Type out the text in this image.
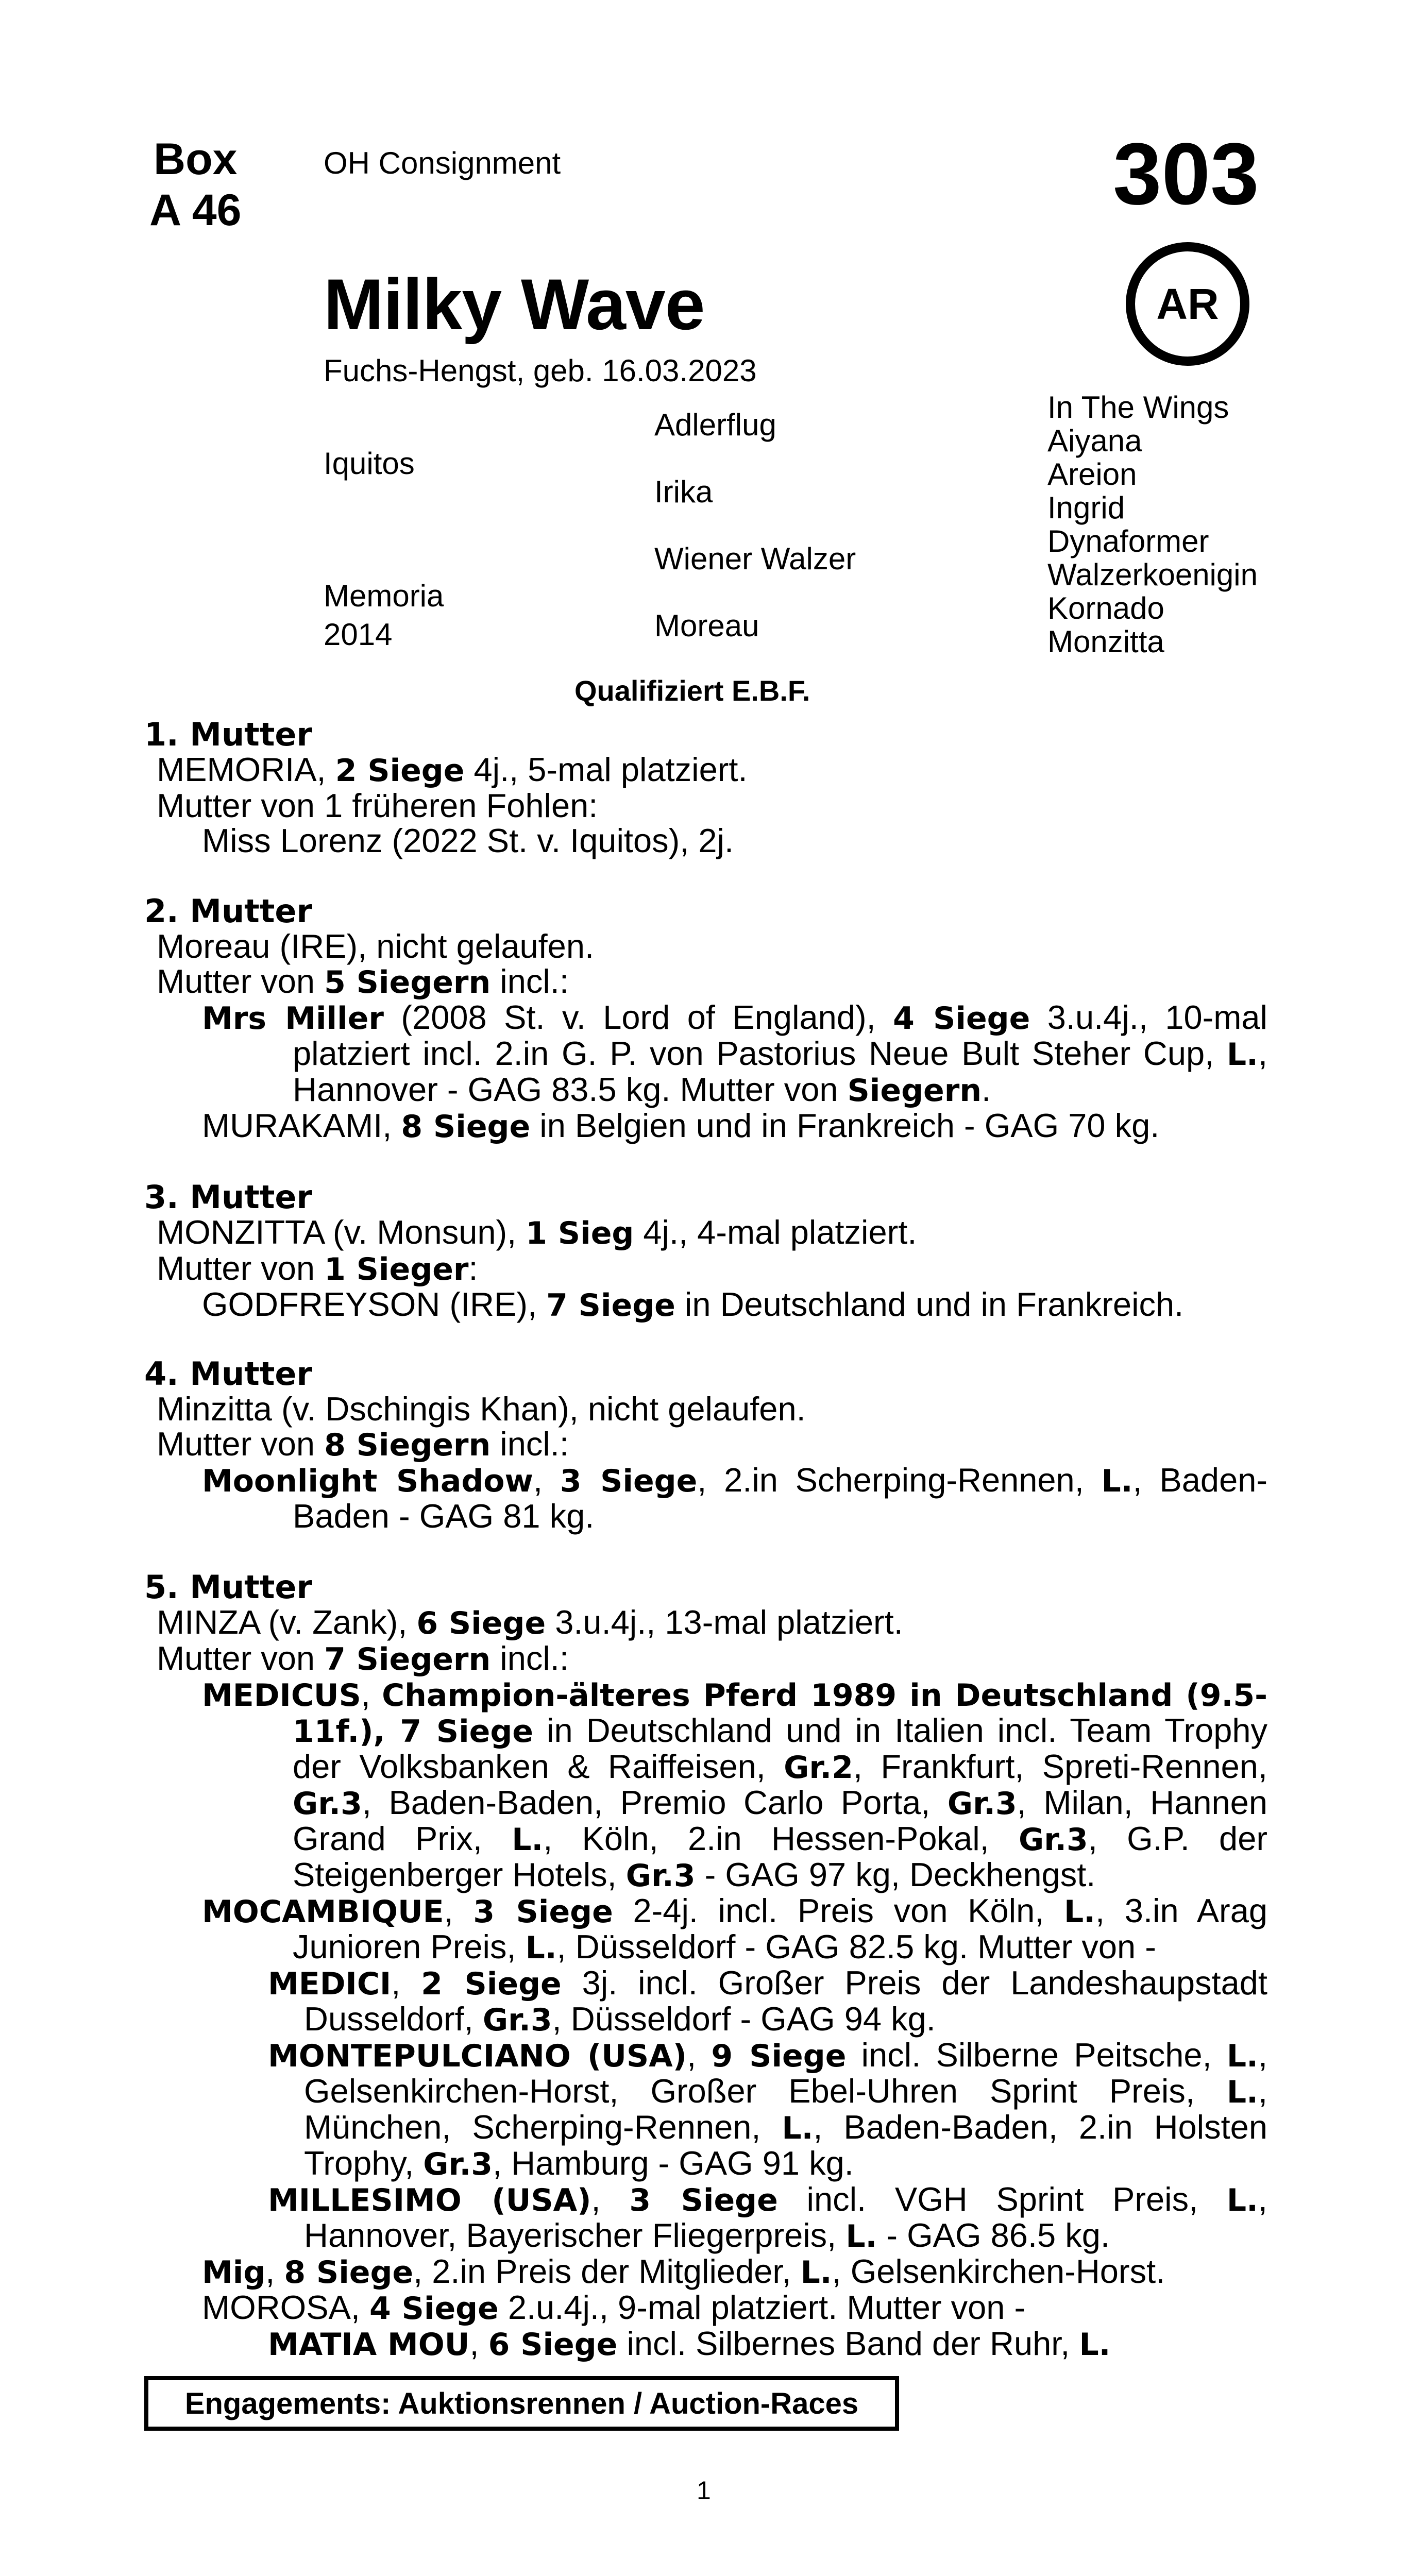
Box
A 46
OH Consignment	303
AR
Milky Wave
Fuchs-Hengst, geb. 16.03.2023
Iquitos
Memoria
2014
Adlerflug
Irika
Wiener Walzer
Moreau
In The Wings
Aiyana
Areion
Ingrid
Dynaformer
Walzerkoenigin
Kornado
Monzitta
Qualifiziert E.B.F.

1. Mutter

MEMORIA, 2 Siege 4j., 5-mal platziert.

Mutter von 1 früheren Fohlen:

Miss Lorenz (2022 St. v. Iquitos), 2j.

2. Mutter

Moreau (IRE), nicht gelaufen.

Mutter von 5 Siegern incl.:

Mrs Miller (2008 St. v. Lord of England), 4 Siege 3.u.4j., 10-mal platziert incl. 2.in G. P. von Pastorius Neue Bult Steher Cup, L., Hannover - GAG 83.5 kg. Mutter von Siegern.

MURAKAMI, 8 Siege in Belgien und in Frankreich - GAG 70 kg.

3. Mutter

MONZITTA (v. Monsun), 1 Sieg 4j., 4-mal platziert.

Mutter von 1 Sieger:

GODFREYSON (IRE), 7 Siege in Deutschland und in Frankreich.

4. Mutter

Minzitta (v. Dschingis Khan), nicht gelaufen.

Mutter von 8 Siegern incl.:

Moonlight Shadow, 3 Siege, 2.in Scherping-Rennen, L., Baden-Baden - GAG 81 kg.

5. Mutter

MINZA (v. Zank), 6 Siege 3.u.4j., 13-mal platziert.

Mutter von 7 Siegern incl.:

MEDICUS, Champion-älteres Pferd 1989 in Deutschland (9.5-11f.), 7 Siege in Deutschland und in Italien incl. Team Trophy der Volksbanken & Raiffeisen, Gr.2, Frankfurt, Spreti-Rennen, Gr.3, Baden-Baden, Premio Carlo Porta, Gr.3, Milan, Hannen Grand Prix, L., Köln, 2.in Hessen-Pokal, Gr.3, G.P. der Steigenberger Hotels, Gr.3 - GAG 97 kg, Deckhengst.

MOCAMBIQUE, 3 Siege 2-4j. incl. Preis von Köln, L., 3.in Arag Junioren Preis, L., Düsseldorf - GAG 82.5 kg. Mutter von -

MEDICI, 2 Siege 3j. incl. Großer Preis der Landeshaupstadt Dusseldorf, Gr.3, Düsseldorf - GAG 94 kg.

MONTEPULCIANO (USA), 9 Siege incl. Silberne Peitsche, L., Gelsenkirchen-Horst, Großer Ebel-Uhren Sprint Preis, L., München, Scherping-Rennen, L., Baden-Baden, 2.in Holsten Trophy, Gr.3, Hamburg - GAG 91 kg.

MILLESIMO (USA), 3 Siege incl. VGH Sprint Preis, L., Hannover, Bayerischer Fliegerpreis, L. - GAG 86.5 kg.

Mig, 8 Siege, 2.in Preis der Mitglieder, L., Gelsenkirchen-Horst.

MOROSA, 4 Siege 2.u.4j., 9-mal platziert. Mutter von -

MATIA MOU, 6 Siege incl. Silbernes Band der Ruhr, L.

Engagements: Auktionsrennen / Auction-Races
1
